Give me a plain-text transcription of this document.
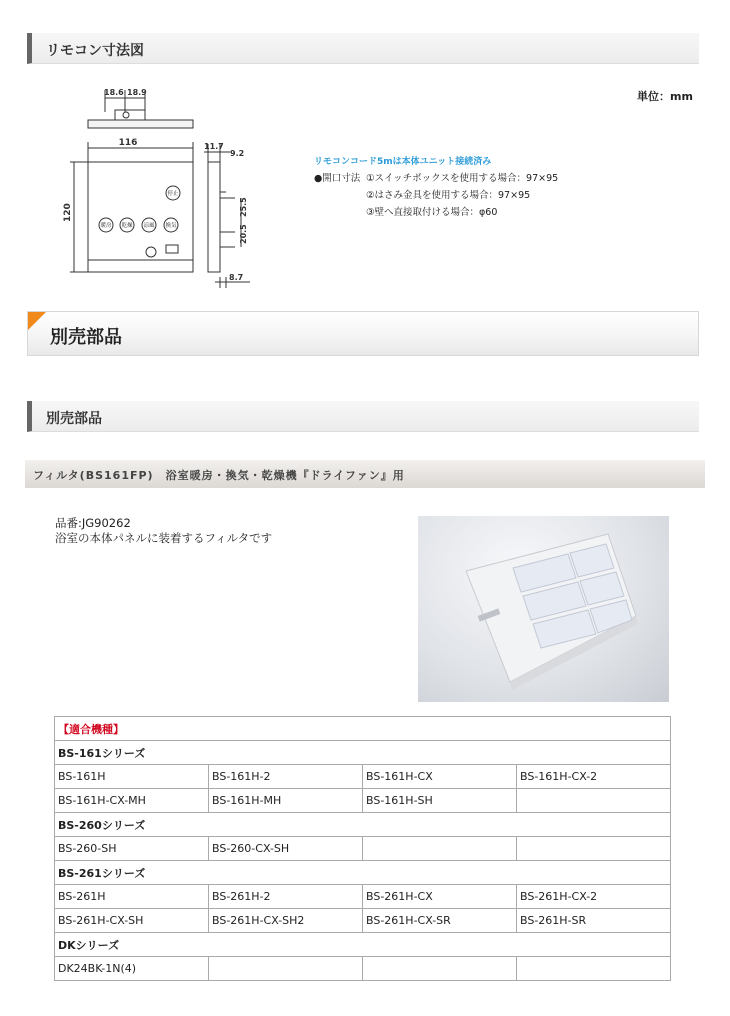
リモコン寸法図
単位：mm
18.6 18.9
116
120
11.7
9.2
25.5
20.5
8.7
停止
暖房 乾燥 涼風 換気
リモコンコード5mは本体ユニット接続済み
●開口寸法 ①スイッチボックスを使用する場合：97×95
②はさみ金具を使用する場合：97×95
③壁へ直接取付ける場合：φ60
別売部品
別売部品
フィルタ(BS161FP)　浴室暖房・換気・乾燥機『ドライファン』用
品番:JG90262
浴室の本体パネルに装着するフィルタです
【適合機種】			
BS-161シリーズ			
BS-161H	BS-161H-2	BS-161H-CX	BS-161H-CX-2
BS-161H-CX-MH	BS-161H-MH	BS-161H-SH	
BS-260シリーズ			
BS-260-SH	BS-260-CX-SH		
BS-261シリーズ			
BS-261H	BS-261H-2	BS-261H-CX	BS-261H-CX-2
BS-261H-CX-SH	BS-261H-CX-SH2	BS-261H-CX-SR	BS-261H-SR
DKシリーズ			
DK24BK-1N(4)			
